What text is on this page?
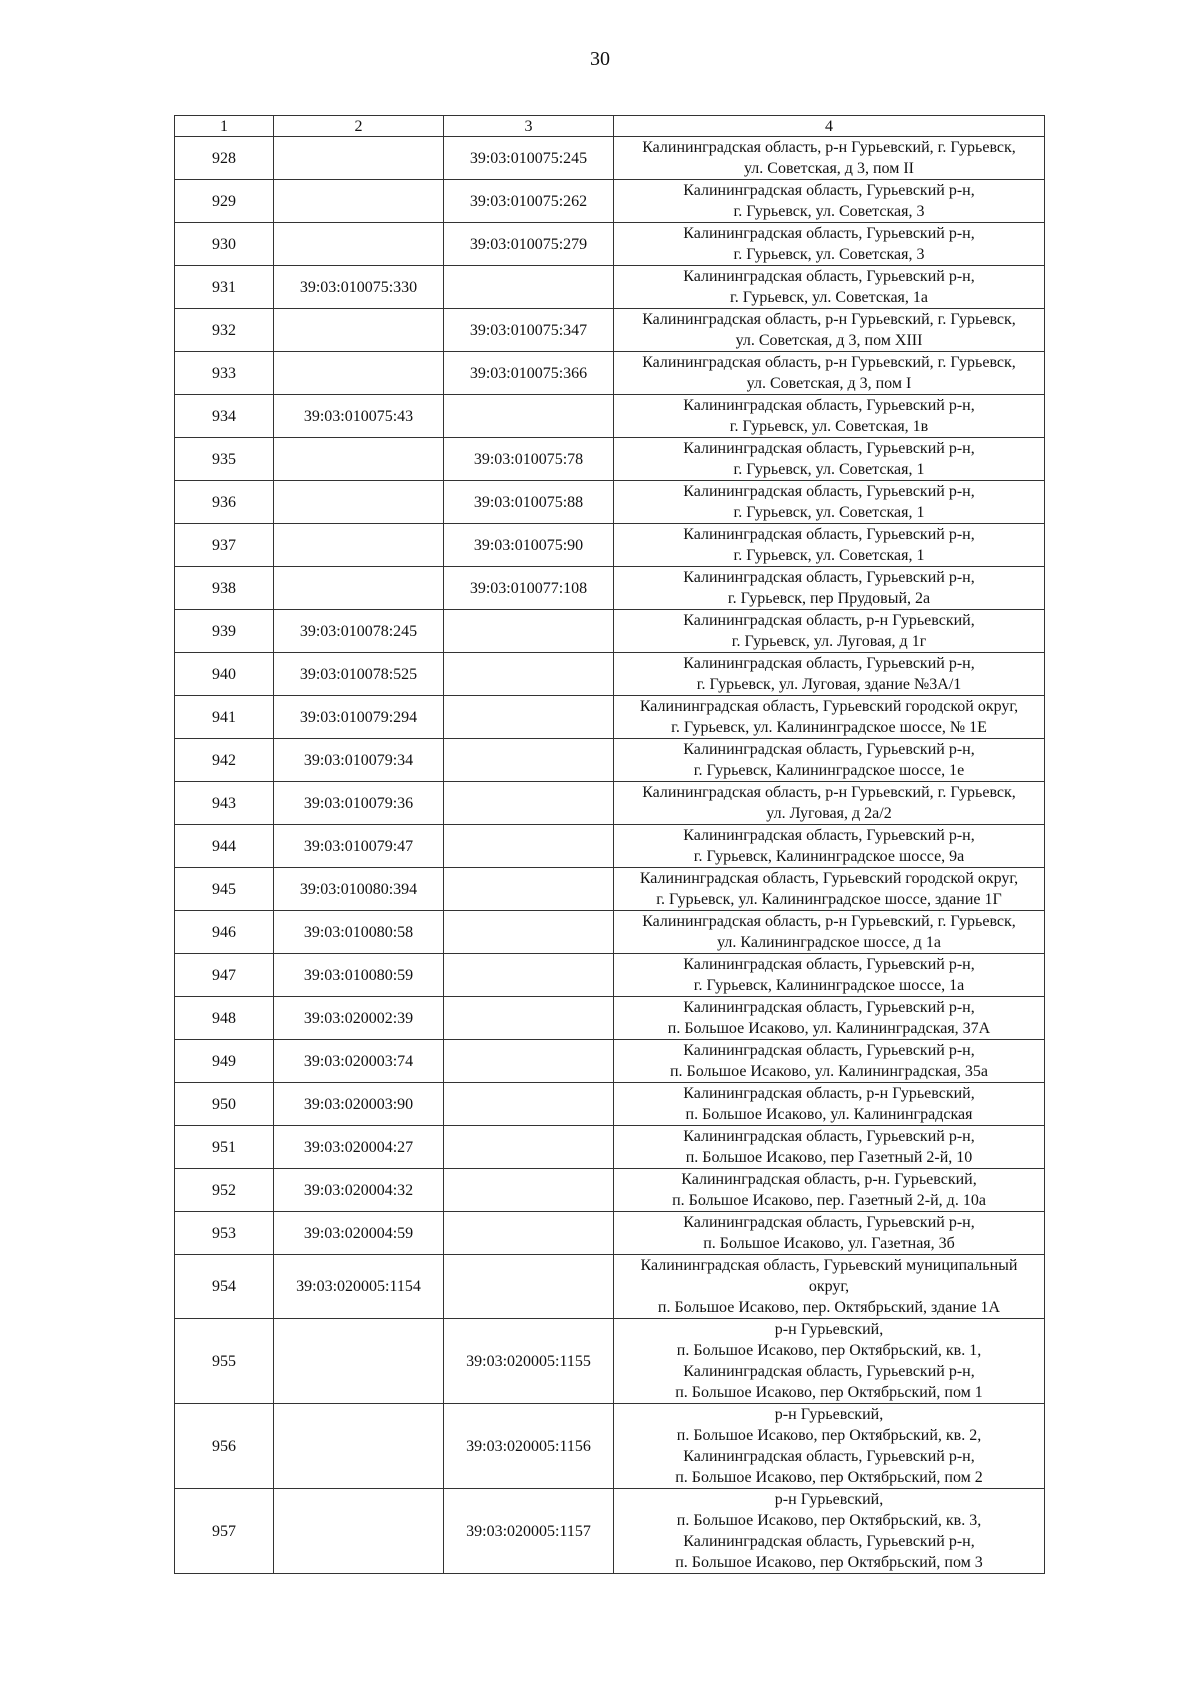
30
1	2	3	4
928		39:03:010075:245	Калининградская область, р-н Гурьевский, г. Гурьевск,
ул. Советская, д 3, пом II
929		39:03:010075:262	Калининградская область, Гурьевский р-н,
г. Гурьевск, ул. Советская, 3
930		39:03:010075:279	Калининградская область, Гурьевский р-н,
г. Гурьевск, ул. Советская, 3
931	39:03:010075:330		Калининградская область, Гурьевский р-н,
г. Гурьевск, ул. Советская, 1а
932		39:03:010075:347	Калининградская область, р-н Гурьевский, г. Гурьевск,
ул. Советская, д 3, пом XIII
933		39:03:010075:366	Калининградская область, р-н Гурьевский, г. Гурьевск,
ул. Советская, д 3, пом I
934	39:03:010075:43		Калининградская область, Гурьевский р-н,
г. Гурьевск, ул. Советская, 1в
935		39:03:010075:78	Калининградская область, Гурьевский р-н,
г. Гурьевск, ул. Советская, 1
936		39:03:010075:88	Калининградская область, Гурьевский р-н,
г. Гурьевск, ул. Советская, 1
937		39:03:010075:90	Калининградская область, Гурьевский р-н,
г. Гурьевск, ул. Советская, 1
938		39:03:010077:108	Калининградская область, Гурьевский р-н,
г. Гурьевск, пер Прудовый, 2а
939	39:03:010078:245		Калининградская область, р-н Гурьевский,
г. Гурьевск, ул. Луговая, д 1г
940	39:03:010078:525		Калининградская область, Гурьевский р-н,
г. Гурьевск, ул. Луговая, здание №3А/1
941	39:03:010079:294		Калининградская область, Гурьевский городской округ,
г. Гурьевск, ул. Калининградское шоссе, № 1Е
942	39:03:010079:34		Калининградская область, Гурьевский р-н,
г. Гурьевск, Калининградское шоссе, 1е
943	39:03:010079:36		Калининградская область, р-н Гурьевский, г. Гурьевск,
ул. Луговая, д 2а/2
944	39:03:010079:47		Калининградская область, Гурьевский р-н,
г. Гурьевск, Калининградское шоссе, 9а
945	39:03:010080:394		Калининградская область, Гурьевский городской округ,
г. Гурьевск, ул. Калининградское шоссе, здание 1Г
946	39:03:010080:58		Калининградская область, р-н Гурьевский, г. Гурьевск,
ул. Калининградское шоссе, д 1а
947	39:03:010080:59		Калининградская область, Гурьевский р-н,
г. Гурьевск, Калининградское шоссе, 1а
948	39:03:020002:39		Калининградская область, Гурьевский р-н,
п. Большое Исаково, ул. Калининградская, 37А
949	39:03:020003:74		Калининградская область, Гурьевский р-н,
п. Большое Исаково, ул. Калининградская, 35а
950	39:03:020003:90		Калининградская область, р-н Гурьевский,
п. Большое Исаково, ул. Калининградская
951	39:03:020004:27		Калининградская область, Гурьевский р-н,
п. Большое Исаково, пер Газетный 2-й, 10
952	39:03:020004:32		Калининградская область, р-н. Гурьевский,
п. Большое Исаково, пер. Газетный 2-й, д. 10а
953	39:03:020004:59		Калининградская область, Гурьевский р-н,
п. Большое Исаково, ул. Газетная, 3б
954	39:03:020005:1154		Калининградская область, Гурьевский муниципальный
округ,
п. Большое Исаково, пер. Октябрьский, здание 1А
955		39:03:020005:1155	р-н Гурьевский,
п. Большое Исаково, пер Октябрьский, кв. 1,
Калининградская область, Гурьевский р-н,
п. Большое Исаково, пер Октябрьский, пом 1
956		39:03:020005:1156	р-н Гурьевский,
п. Большое Исаково, пер Октябрьский, кв. 2,
Калининградская область, Гурьевский р-н,
п. Большое Исаково, пер Октябрьский, пом 2
957		39:03:020005:1157	р-н Гурьевский,
п. Большое Исаково, пер Октябрьский, кв. 3,
Калининградская область, Гурьевский р-н,
п. Большое Исаково, пер Октябрьский, пом 3
